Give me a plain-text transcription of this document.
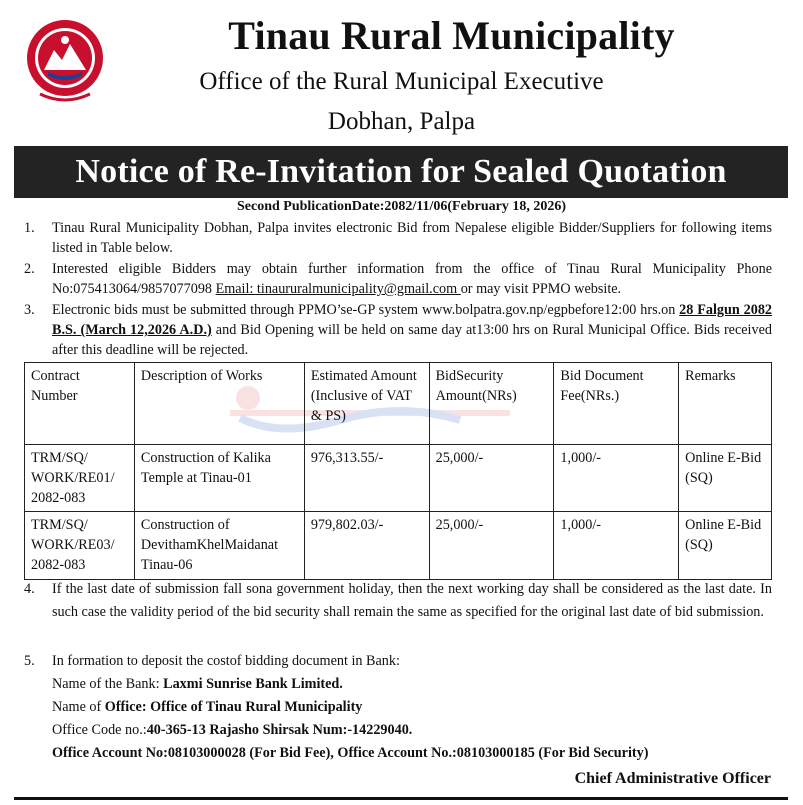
Tinau Rural Municipality
Office of the Rural Municipal Executive
Dobhan, Palpa
Notice of Re-Invitation for Sealed Quotation
Second PublicationDate:2082/11/06(February 18, 2026)
1. Tinau Rural Municipality Dobhan, Palpa invites electronic Bid from Nepalese eligible Bidder/Suppliers for following items listed in Table below.
2. Interested eligible Bidders may obtain further information from the office of Tinau Rural Municipality Phone No:075413064/9857077098 Email: tinaururalmunicipality@gmail.com or may visit PPMO website.
3. Electronic bids must be submitted through PPMO’se-GP system www.bolpatra.gov.np/egpbefore12:00 hrs.on 28 Falgun 2082 B.S. (March 12,2026 A.D.) and Bid Opening will be held on same day at13:00 hrs on Rural Municipal Office. Bids received after this deadline will be rejected.
Contract Number	Description of Works	Estimated Amount (Inclusive of VAT & PS)	BidSecurity Amount(NRs)	Bid Document Fee(NRs.)	Remarks
TRM/SQ/ WORK/RE01/ 2082-083	Construction of Kalika Temple at Tinau-01	976,313.55/-	25,000/-	1,000/-	Online E-Bid (SQ)
TRM/SQ/ WORK/RE03/ 2082-083	Construction of DevithamKhelMaidanat Tinau-06	979,802.03/-	25,000/-	1,000/-	Online E-Bid (SQ)
4. If the last date of submission fall sona government holiday, then the next working day shall be considered as the last date. In such case the validity period of the bid security shall remain the same as specified for the original last date of bid submission.
5. In formation to deposit the costof bidding document in Bank:
Name of the Bank: Laxmi Sunrise Bank Limited.
Name of Office: Office of Tinau Rural Municipality
Office Code no.:40-365-13 Rajasho Shirsak Num:-14229040.
Office Account No:08103000028 (For Bid Fee), Office Account No.:08103000185 (For Bid Security)
Chief Administrative Officer
